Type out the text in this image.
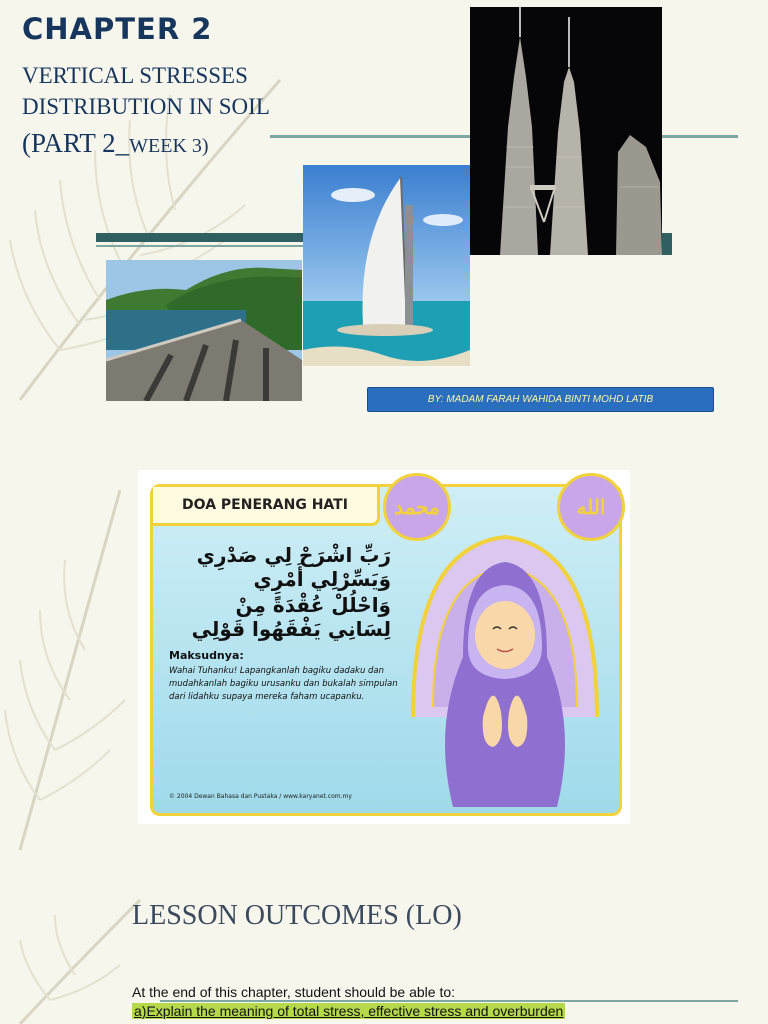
CHAPTER 2
VERTICAL STRESSES
DISTRIBUTION IN SOIL
(PART 2_WEEK 3)
BY: MADAM FARAH WAHIDA BINTI MOHD LATIB
DOA PENERANG HATI
رَبِّ اشْرَحْ لِي صَدْرِي وَيَسِّرْلِي أَمْرِي
وَاحْلُلْ عُقْدَةً مِنْ لِسَانِي يَفْقَهُوا قَوْلِي
Maksudnya:
Wahai Tuhanku! Lapangkanlah bagiku dadaku dan mudahkanlah bagiku urusanku dan bukalah simpulan dari lidahku supaya mereka faham ucapanku.
© 2004 Dewan Bahasa dan Pustaka / www.karyanet.com.my
محمد	الله
LESSON OUTCOMES (LO)
At the end of this chapter, student should be able to:
a)Explain the meaning of total stress, effective stress and overburden
